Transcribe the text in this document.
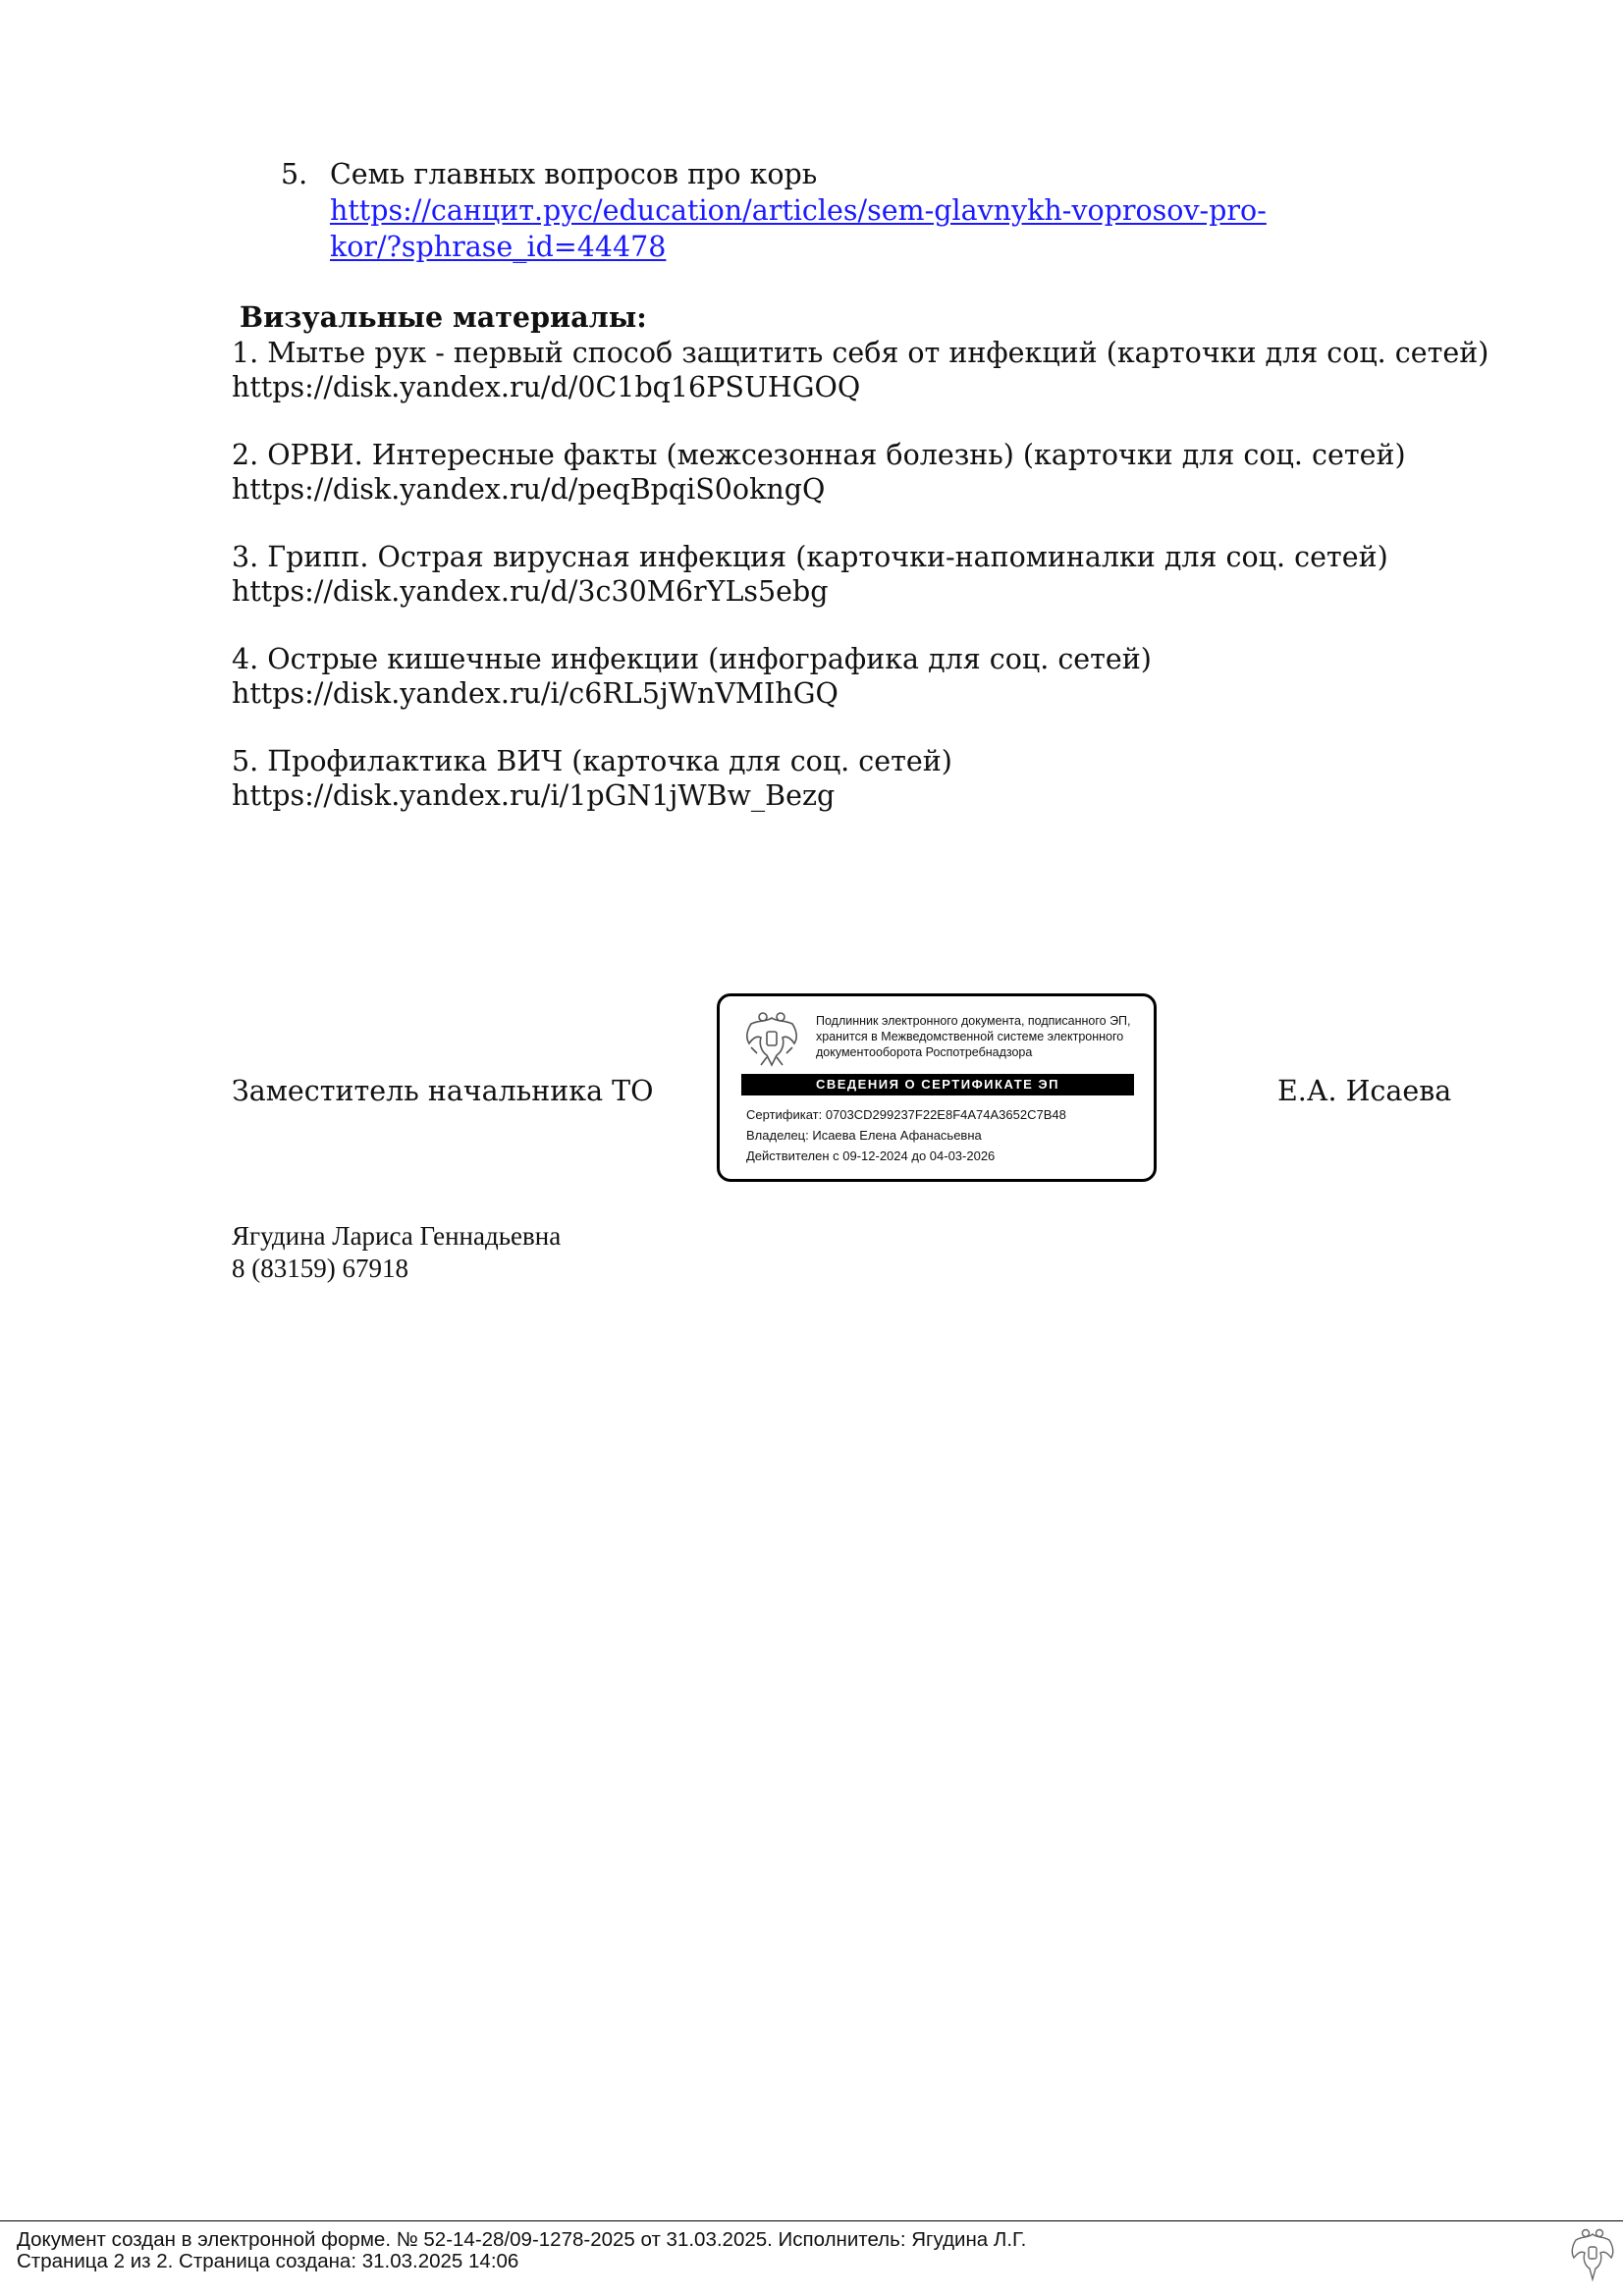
5. Семь главных вопросов про корь
https://санцит.рус/education/articles/sem-glavnykh-voprosov-pro-
kor/?sphrase_id=44478
Визуальные материалы:
1. Мытье рук - первый способ защитить себя от инфекций (карточки для соц. сетей)
https://disk.yandex.ru/d/0C1bq16PSUHGOQ
2. ОРВИ. Интересные факты (межсезонная болезнь) (карточки для соц. сетей)
https://disk.yandex.ru/d/peqBpqiS0okngQ
3. Грипп. Острая вирусная инфекция (карточки-напоминалки для соц. сетей)
https://disk.yandex.ru/d/3c30M6rYLs5ebg
4. Острые кишечные инфекции (инфографика для соц. сетей)
https://disk.yandex.ru/i/c6RL5jWnVMIhGQ
5. Профилактика ВИЧ (карточка для соц. сетей)
https://disk.yandex.ru/i/1pGN1jWBw_Bezg
Заместитель начальника ТО	Е.А. Исаева
Подлинник электронного документа, подписанного ЭП,
хранится в Межведомственной системе электронного
документооборота Роспотребнадзора
СВЕДЕНИЯ О СЕРТИФИКАТЕ ЭП
Сертификат: 0703CD299237F22E8F4A74A3652C7B48
Владелец: Исаева Елена Афанасьевна
Действителен с 09-12-2024 до 04-03-2026
Ягудина Лариса Геннадьевна
8 (83159) 67918
Документ создан в электронной форме. № 52-14-28/09-1278-2025 от 31.03.2025. Исполнитель: Ягудина Л.Г.
Страница 2 из 2. Страница создана: 31.03.2025 14:06
